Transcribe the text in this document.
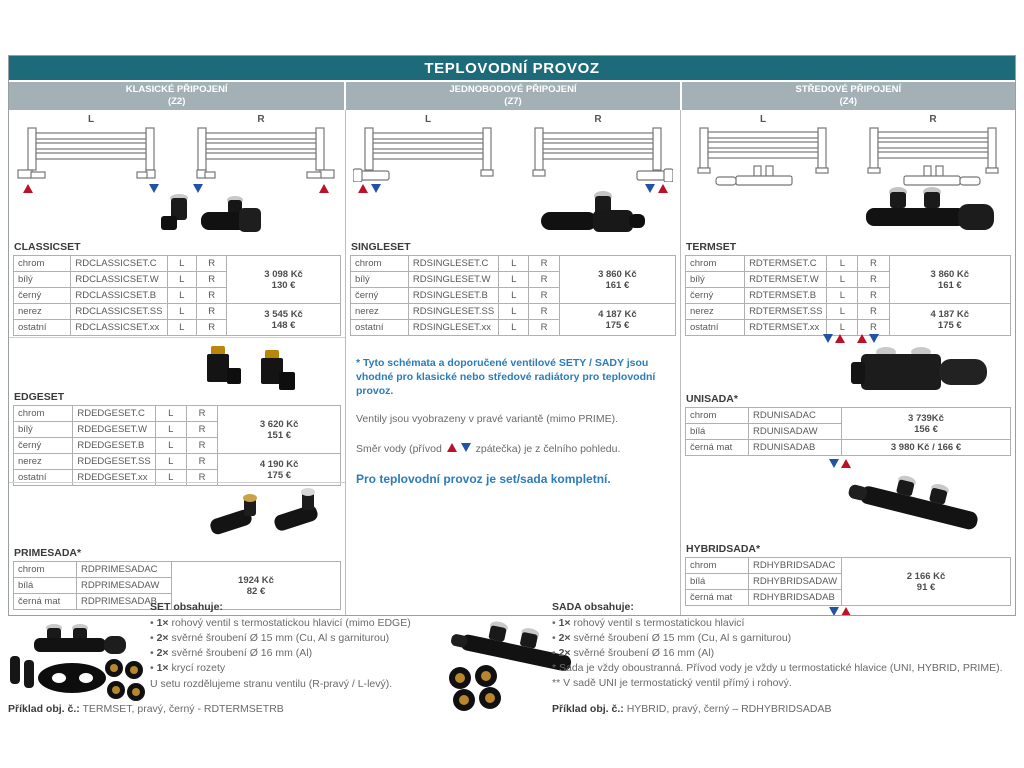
TEPLOVODNÍ PROVOZ
KLASICKÉ PŘIPOJENÍ
(Z2)
JEDNOBODOVÉ PŘIPOJENÍ
(Z7)
STŘEDOVÉ PŘIPOJENÍ
(Z4)
L	R
CLASSICSET
chrom	RDCLASSICSET.C	L	R	3 098 Kč
130 €

bílý	RDCLASSICSET.W	L	R	
černý	RDCLASSICSET.B	L	R	
nerez	RDCLASSICSET.SS	L	R	3 545 Kč
148 €

ostatní	RDCLASSICSET.xx	L	R	
EDGESET
chrom	RDEDGESET.C	L	R	3 620 Kč
151 €

bílý	RDEDGESET.W	L	R	
černý	RDEDGESET.B	L	R	
nerez	RDEDGESET.SS	L	R	4 190 Kč
175 €

ostatní	RDEDGESET.xx	L	R	
PRIMESADA*
chrom	RDPRIMESADAC	1924 Kč
82 €

bílá	RDPRIMESADAW	
černá mat	RDPRIMESADAB	
L	R
SINGLESET
chrom	RDSINGLESET.C	L	R	3 860 Kč
161 €

bílý	RDSINGLESET.W	L	R	
černý	RDSINGLESET.B	L	R	
nerez	RDSINGLESET.SS	L	R	4 187 Kč
175 €

ostatní	RDSINGLESET.xx	L	R	
* Tyto schémata a doporučené ventilové SETY / SADY jsou vhodné pro klasické nebo středové radiátory pro teplovodní provoz.
Ventily jsou vyobrazeny v pravé variantě (mimo PRIME).
Směr vody (přívod	zpátečka) je z čelního pohledu.
Pro teplovodní provoz je set/sada kompletní.
L	R
TERMSET
chrom	RDTERMSET.C	L	R	3 860 Kč
161 €

bílý	RDTERMSET.W	L	R	
černý	RDTERMSET.B	L	R	
nerez	RDTERMSET.SS	L	R	4 187 Kč
175 €

ostatní	RDTERMSET.xx	L	R	
UNISADA*
chrom	RDUNISADAC	3 739Kč
156 €

bílá	RDUNISADAW	
černá mat	RDUNISADAB	3 980 Kč / 166 €
HYBRIDSADA*
chrom	RDHYBRIDSADAC	2 166 Kč
91 €

bílá	RDHYBRIDSADAW	
černá mat	RDHYBRIDSADAB	
SET obsahuje:
• 1× rohový ventil s termostatickou hlavicí (mimo EDGE)
• 2× svěrné šroubení Ø 15 mm (Cu, Al s garniturou)
• 2× svěrné šroubení Ø 16 mm (Al)
• 1× krycí rozety
U setu rozdělujeme stranu ventilu (R-pravý / L-levý).
Příklad obj. č.: TERMSET, pravý, černý - RDTERMSETRB
SADA obsahuje:
• 1× rohový ventil s termostatickou hlavicí
• 2× svěrné šroubení Ø 15 mm (Cu, Al s garniturou)
• 2× svěrné šroubení Ø 16 mm (Al)
* Sada je vždy oboustranná. Přívod vody je vždy u termostatické hlavice (UNI, HYBRID, PRIME).
** V sadě UNI je termostatický ventil přímý i rohový.
Příklad obj. č.: HYBRID, pravý, černý – RDHYBRIDSADAB
